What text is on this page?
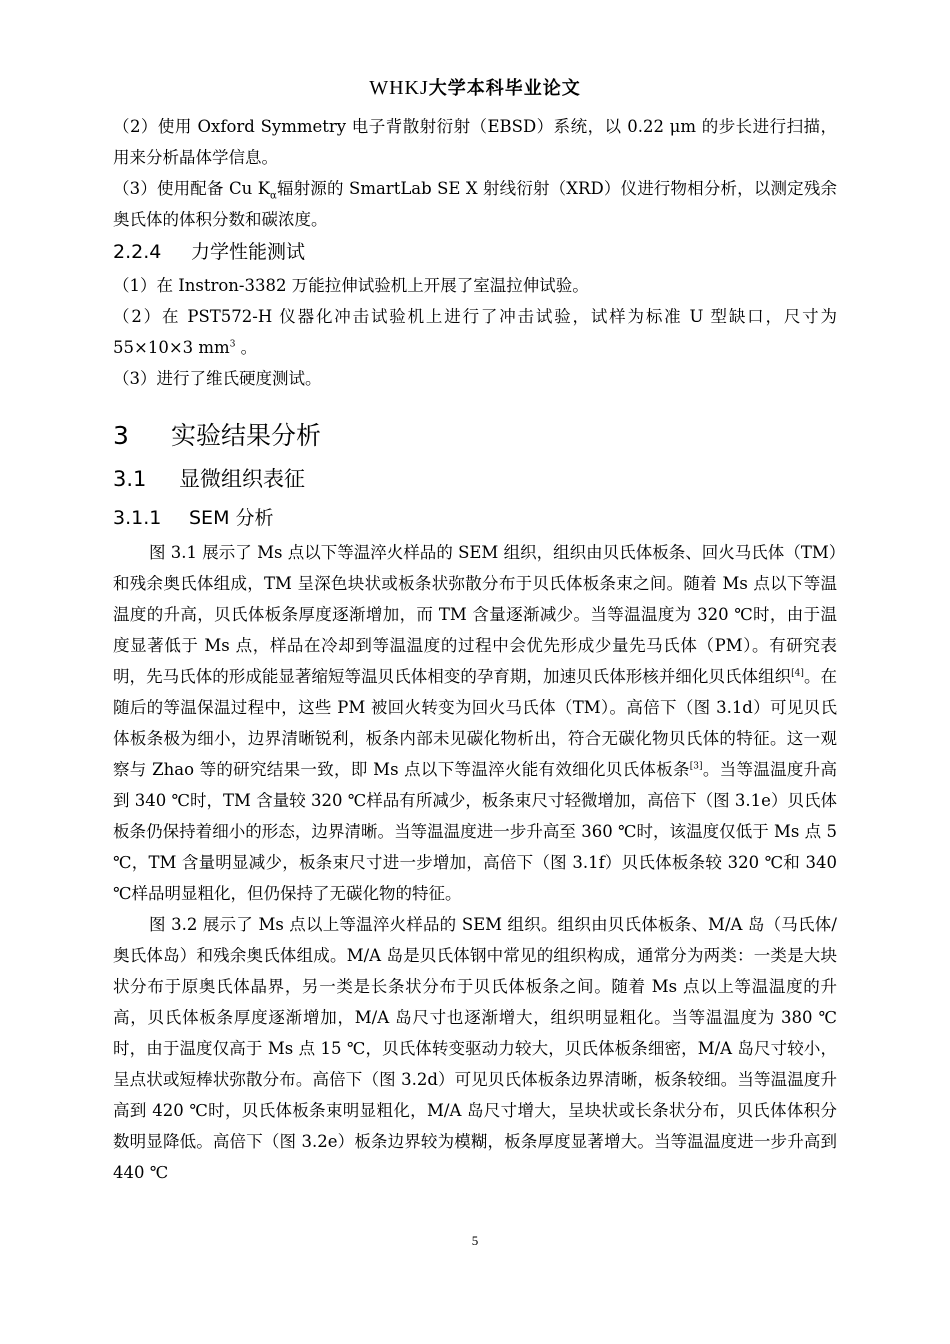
WHKJ大学本科毕业论文

（2）使用 Oxford Symmetry 电子背散射衍射（EBSD）系统，以 0.22 μm 的步长进行扫描，用来分析晶体学信息。

（3）使用配备 Cu $K_\alpha$辐射源的 SmartLab SE X 射线衍射（XRD）仪进行物相分析，以测定残余奥氏体的体积分数和碳浓度。

2.2.4 力学性能测试

（1）在 Instron-3382 万能拉伸试验机上开展了室温拉伸试验。

（2）在 PST572-H 仪器化冲击试验机上进行了冲击试验，试样为标准 U 型缺口，尺寸为 55×10×3 $mm^3$ 。

（3）进行了维氏硬度测试。

3 实验结果分析

3.1 显微组织表征

3.1.1 SEM 分析

图 3.1 展示了 Ms 点以下等温淬火样品的 SEM 组织，组织由贝氏体板条、回火马氏体（TM）和残余奥氏体组成，TM 呈深色块状或板条状弥散分布于贝氏体板条束之间。随着 Ms 点以下等温温度的升高，贝氏体板条厚度逐渐增加，而 TM 含量逐渐减少。当等温温度为 320 ℃时，由于温度显著低于 Ms 点，样品在冷却到等温温度的过程中会优先形成少量先马氏体（PM）。有研究表明，先马氏体的形成能显著缩短等温贝氏体相变的孕育期，加速贝氏体形核并细化贝氏体组织[4]。在随后的等温保温过程中，这些 PM 被回火转变为回火马氏体（TM）。高倍下（图 3.1d）可见贝氏体板条极为细小，边界清晰锐利，板条内部未见碳化物析出，符合无碳化物贝氏体的特征。这一观察与 Zhao 等的研究结果一致，即 Ms 点以下等温淬火能有效细化贝氏体板条[3]。当等温温度升高到 340 ℃时，TM 含量较 320 ℃样品有所减少，板条束尺寸轻微增加，高倍下（图 3.1e）贝氏体板条仍保持着细小的形态，边界清晰。当等温温度进一步升高至 360 ℃时，该温度仅低于 Ms 点 5 ℃，TM 含量明显减少，板条束尺寸进一步增加，高倍下（图 3.1f）贝氏体板条较 320 ℃和 340 ℃样品明显粗化，但仍保持了无碳化物的特征。

图 3.2 展示了 Ms 点以上等温淬火样品的 SEM 组织。组织由贝氏体板条、M/A 岛（马氏体/奥氏体岛）和残余奥氏体组成。M/A 岛是贝氏体钢中常见的组织构成，通常分为两类：一类是大块状分布于原奥氏体晶界，另一类是长条状分布于贝氏体板条之间。随着 Ms 点以上等温温度的升高，贝氏体板条厚度逐渐增加，M/A 岛尺寸也逐渐增大，组织明显粗化。当等温温度为 380 ℃时，由于温度仅高于 Ms 点 15 ℃，贝氏体转变驱动力较大，贝氏体板条细密，M/A 岛尺寸较小，呈点状或短棒状弥散分布。高倍下（图 3.2d）可见贝氏体板条边界清晰，板条较细。当等温温度升高到 420 ℃时，贝氏体板条束明显粗化，M/A 岛尺寸增大，呈块状或长条状分布，贝氏体体积分数明显降低。高倍下（图 3.2e）板条边界较为模糊，板条厚度显著增大。当等温温度进一步升高到 440 ℃

5
